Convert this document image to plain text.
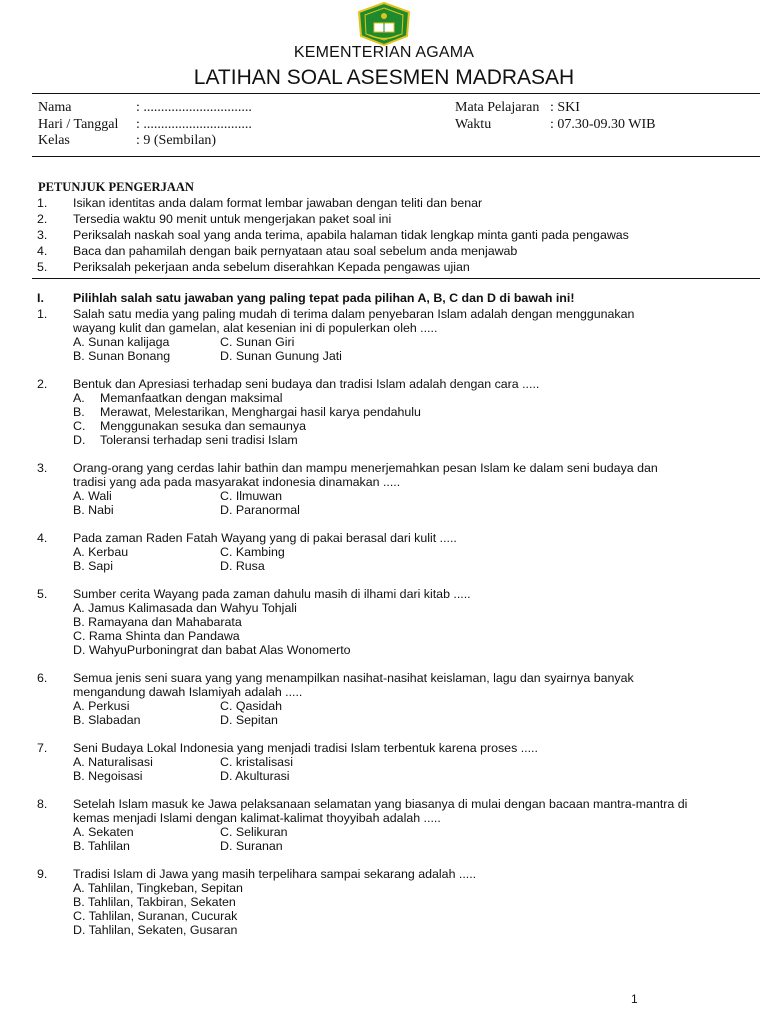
KEMENTERIAN AGAMA
LATIHAN SOAL ASESMEN MADRASAH
Nama	: ...............................
Hari / Tanggal : ...............................
Kelas	: 9 (Sembilan)
Mata Pelajaran : SKI
Waktu	: 07.30-09.30 WIB
PETUNJUK PENGERJAAN
1. Isikan identitas anda dalam format lembar jawaban dengan teliti dan benar
2. Tersedia waktu 90 menit untuk mengerjakan paket soal ini
3. Periksalah naskah soal yang anda terima, apabila halaman tidak lengkap minta ganti pada pengawas
4. Baca dan pahamilah dengan baik pernyataan atau soal sebelum anda menjawab
5. Periksalah pekerjaan anda sebelum diserahkan Kepada pengawas ujian
I. Pilihlah salah satu jawaban yang paling tepat pada pilihan A, B, C dan D di bawah ini!
1. Salah satu media yang paling mudah di terima dalam penyebaran Islam adalah dengan menggunakan
wayang kulit dan gamelan, alat kesenian ini di populerkan oleh .....
A. Sunan kalijaga	C. Sunan Giri
B. Sunan Bonang	D. Sunan Gunung Jati
2. Bentuk dan Apresiasi terhadap seni budaya dan tradisi Islam adalah dengan cara .....
A. Memanfaatkan dengan maksimal
B. Merawat, Melestarikan, Menghargai hasil karya pendahulu
C. Menggunakan sesuka dan semaunya
D. Toleransi terhadap seni tradisi Islam
3. Orang-orang yang cerdas lahir bathin dan mampu menerjemahkan pesan Islam ke dalam seni budaya dan
tradisi yang ada pada masyarakat indonesia dinamakan .....
A. Wali	C. Ilmuwan
B. Nabi	D. Paranormal
4. Pada zaman Raden Fatah Wayang yang di pakai berasal dari kulit .....
A. Kerbau	C. Kambing
B. Sapi	D. Rusa
5. Sumber cerita Wayang pada zaman dahulu masih di ilhami dari kitab .....
A. Jamus Kalimasada dan Wahyu Tohjali
B. Ramayana dan Mahabarata
C. Rama Shinta dan Pandawa
D. WahyuPurboningrat dan babat Alas Wonomerto
6. Semua jenis seni suara yang yang menampilkan nasihat-nasihat keislaman, lagu dan syairnya banyak
mengandung dawah Islamiyah adalah .....
A. Perkusi	C. Qasidah
B. Slabadan	D. Sepitan
7. Seni Budaya Lokal Indonesia yang menjadi tradisi Islam terbentuk karena proses .....
A. Naturalisasi	C. kristalisasi
B. Negoisasi	D. Akulturasi
8. Setelah Islam masuk ke Jawa pelaksanaan selamatan yang biasanya di mulai dengan bacaan mantra-mantra di
kemas menjadi Islami dengan kalimat-kalimat thoyyibah adalah .....
A. Sekaten	C. Selikuran
B. Tahlilan	D. Suranan
9. Tradisi Islam di Jawa yang masih terpelihara sampai sekarang adalah .....
A. Tahlilan, Tingkeban, Sepitan
B. Tahlilan, Takbiran, Sekaten
C. Tahlilan, Suranan, Cucurak
D. Tahlilan, Sekaten, Gusaran
1
